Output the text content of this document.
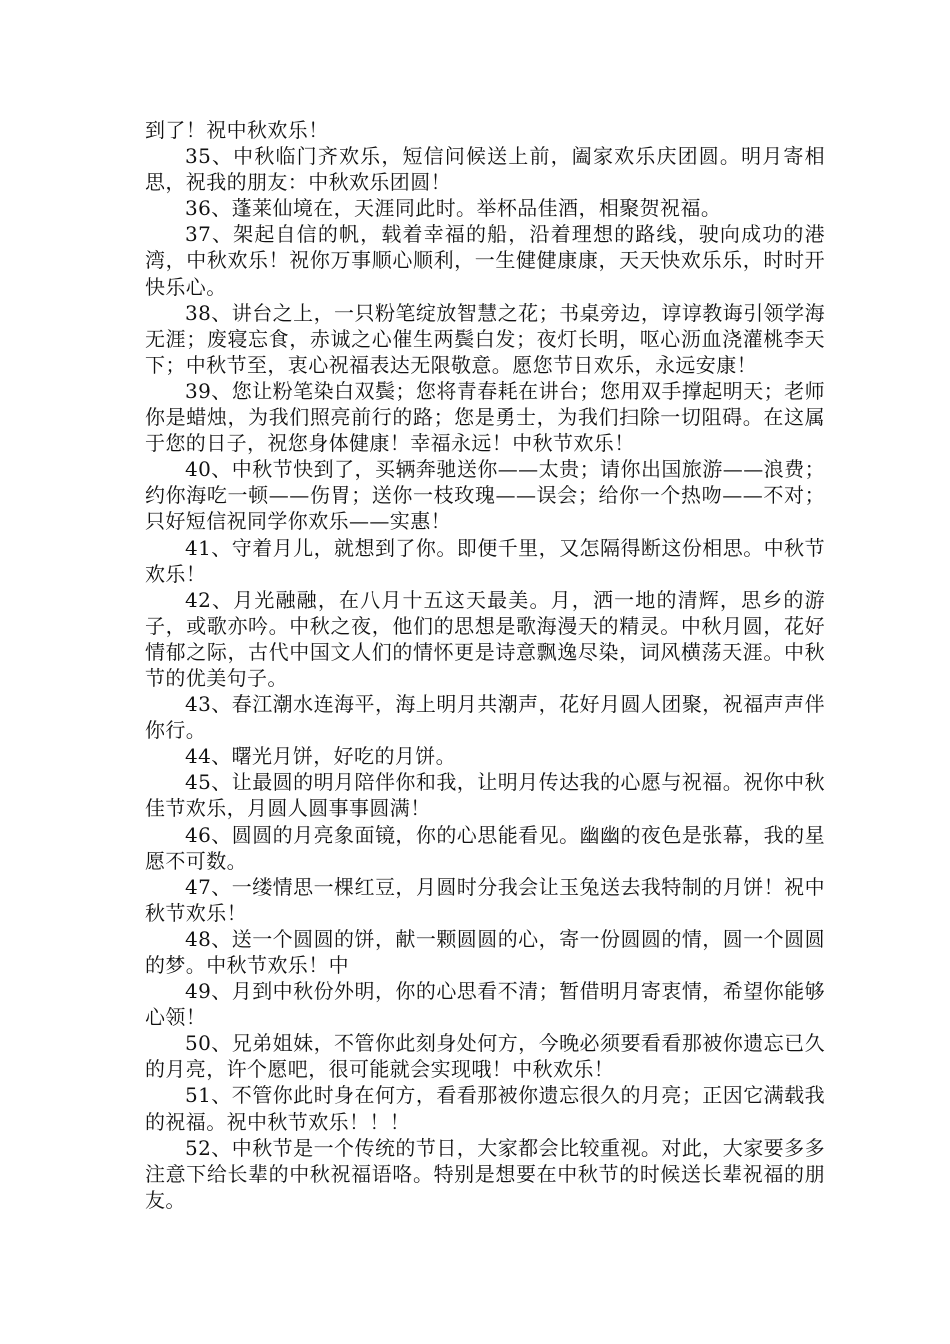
到了！祝中秋欢乐！

35、中秋临门齐欢乐，短信问候送上前，阖家欢乐庆团圆。明月寄相思，祝我的朋友：中秋欢乐团圆！

36、蓬莱仙境在，天涯同此时。举杯品佳酒，相聚贺祝福。

37、架起自信的帆，载着幸福的船，沿着理想的路线，驶向成功的港湾，中秋欢乐！祝你万事顺心顺利，一生健健康康，天天快欢乐乐，时时开快乐心。

38、讲台之上，一只粉笔绽放智慧之花；书桌旁边，谆谆教诲引领学海无涯；废寝忘食，赤诚之心催生两鬓白发；夜灯长明，呕心沥血浇灌桃李天下；中秋节至，衷心祝福表达无限敬意。愿您节日欢乐，永远安康！

39、您让粉笔染白双鬓；您将青春耗在讲台；您用双手撑起明天；老师你是蜡烛，为我们照亮前行的路；您是勇士，为我们扫除一切阻碍。在这属于您的日子，祝您身体健康！幸福永远！中秋节欢乐！

40、中秋节快到了，买辆奔驰送你——太贵；请你出国旅游——浪费；约你海吃一顿——伤胃；送你一枝玫瑰——误会；给你一个热吻——不对；只好短信祝同学你欢乐——实惠！

41、守着月儿，就想到了你。即便千里，又怎隔得断这份相思。中秋节欢乐！

42、月光融融，在八月十五这天最美。月，洒一地的清辉，思乡的游子，或歌亦吟。中秋之夜，他们的思想是歌海漫天的精灵。中秋月圆，花好情郁之际，古代中国文人们的情怀更是诗意飘逸尽染，词风横荡天涯。中秋节的优美句子。

43、春江潮水连海平，海上明月共潮声，花好月圆人团聚，祝福声声伴你行。

44、曙光月饼，好吃的月饼。

45、让最圆的明月陪伴你和我，让明月传达我的心愿与祝福。祝你中秋佳节欢乐，月圆人圆事事圆满！

46、圆圆的月亮象面镜，你的心思能看见。幽幽的夜色是张幕，我的星愿不可数。

47、一缕情思一棵红豆，月圆时分我会让玉兔送去我特制的月饼！祝中秋节欢乐！

48、送一个圆圆的饼，献一颗圆圆的心，寄一份圆圆的情，圆一个圆圆的梦。中秋节欢乐！中

49、月到中秋份外明，你的心思看不清；暂借明月寄衷情，希望你能够心领！

50、兄弟姐妹，不管你此刻身处何方，今晚必须要看看那被你遗忘已久的月亮，许个愿吧，很可能就会实现哦！中秋欢乐！

51、不管你此时身在何方，看看那被你遗忘很久的月亮；正因它满载我的祝福。祝中秋节欢乐！！！

52、中秋节是一个传统的节日，大家都会比较重视。对此，大家要多多注意下给长辈的中秋祝福语咯。特别是想要在中秋节的时候送长辈祝福的朋友。
